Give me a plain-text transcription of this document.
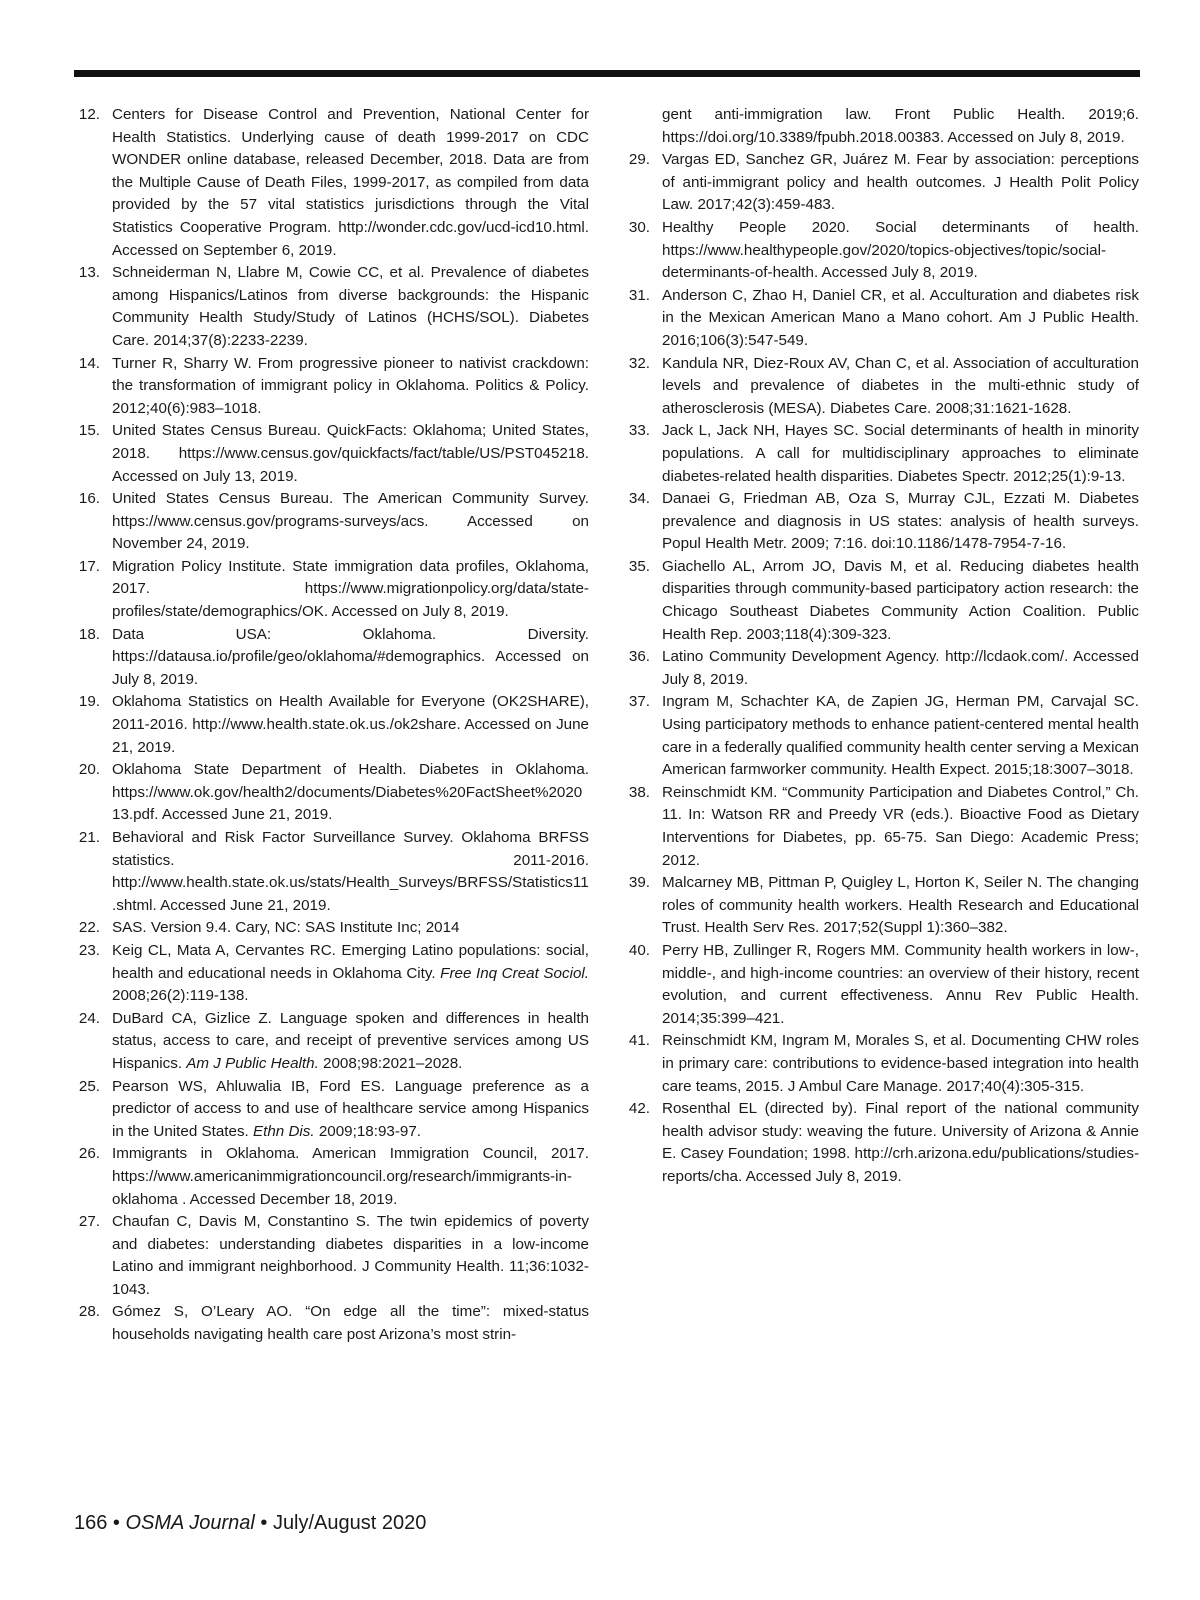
12. Centers for Disease Control and Prevention, National Center for Health Statistics. Underlying cause of death 1999-2017 on CDC WONDER online database, released December, 2018. Data are from the Multiple Cause of Death Files, 1999-2017, as compiled from data provided by the 57 vital statistics jurisdictions through the Vital Statistics Cooperative Program. http://wonder.cdc.gov/ucd-icd10.html. Accessed on September 6, 2019.
13. Schneiderman N, Llabre M, Cowie CC, et al. Prevalence of diabetes among Hispanics/Latinos from diverse backgrounds: the Hispanic Community Health Study/Study of Latinos (HCHS/SOL). Diabetes Care. 2014;37(8):2233-2239.
14. Turner R, Sharry W. From progressive pioneer to nativist crackdown: the transformation of immigrant policy in Oklahoma. Politics & Policy. 2012;40(6):983–1018.
15. United States Census Bureau. QuickFacts: Oklahoma; United States, 2018. https://www.census.gov/quickfacts/fact/table/US/PST045218. Accessed on July 13, 2019.
16. United States Census Bureau. The American Community Survey. https://www.census.gov/programs-surveys/acs. Accessed on November 24, 2019.
17. Migration Policy Institute. State immigration data profiles, Oklahoma, 2017. https://www.migrationpolicy.org/data/state-profiles/state/demographics/OK. Accessed on July 8, 2019.
18. Data USA: Oklahoma. Diversity. https://datausa.io/profile/geo/oklahoma/#demographics. Accessed on July 8, 2019.
19. Oklahoma Statistics on Health Available for Everyone (OK2SHARE), 2011-2016. http://www.health.state.ok.us./ok2share. Accessed on June 21, 2019.
20. Oklahoma State Department of Health. Diabetes in Oklahoma. https://www.ok.gov/health2/documents/Diabetes%20FactSheet%202013.pdf. Accessed June 21, 2019.
21. Behavioral and Risk Factor Surveillance Survey. Oklahoma BRFSS statistics. 2011-2016. http://www.health.state.ok.us/stats/Health_Surveys/BRFSS/Statistics11.shtml. Accessed June 21, 2019.
22. SAS. Version 9.4. Cary, NC: SAS Institute Inc; 2014
23. Keig CL, Mata A, Cervantes RC. Emerging Latino populations: social, health and educational needs in Oklahoma City. Free Inq Creat Sociol. 2008;26(2):119-138.
24. DuBard CA, Gizlice Z. Language spoken and differences in health status, access to care, and receipt of preventive services among US Hispanics. Am J Public Health. 2008;98:2021–2028.
25. Pearson WS, Ahluwalia IB, Ford ES. Language preference as a predictor of access to and use of healthcare service among Hispanics in the United States. Ethn Dis. 2009;18:93-97.
26. Immigrants in Oklahoma. American Immigration Council, 2017. https://www.americanimmigrationcouncil.org/research/immigrants-in-oklahoma . Accessed December 18, 2019.
27. Chaufan C, Davis M, Constantino S. The twin epidemics of poverty and diabetes: understanding diabetes disparities in a low-income Latino and immigrant neighborhood. J Community Health. 11;36:1032-1043.
28. Gómez S, O’Leary AO. “On edge all the time”: mixed-status households navigating health care post Arizona’s most strin-
gent anti-immigration law. Front Public Health. 2019;6. https://doi.org/10.3389/fpubh.2018.00383. Accessed on July 8, 2019.
29. Vargas ED, Sanchez GR, Juárez M. Fear by association: perceptions of anti-immigrant policy and health outcomes. J Health Polit Policy Law. 2017;42(3):459-483.
30. Healthy People 2020. Social determinants of health. https://www.healthypeople.gov/2020/topics-objectives/topic/social-determinants-of-health. Accessed July 8, 2019.
31. Anderson C, Zhao H, Daniel CR, et al. Acculturation and diabetes risk in the Mexican American Mano a Mano cohort. Am J Public Health. 2016;106(3):547-549.
32. Kandula NR, Diez-Roux AV, Chan C, et al. Association of acculturation levels and prevalence of diabetes in the multi-ethnic study of atherosclerosis (MESA). Diabetes Care. 2008;31:1621-1628.
33. Jack L, Jack NH, Hayes SC. Social determinants of health in minority populations. A call for multidisciplinary approaches to eliminate diabetes-related health disparities. Diabetes Spectr. 2012;25(1):9-13.
34. Danaei G, Friedman AB, Oza S, Murray CJL, Ezzati M. Diabetes prevalence and diagnosis in US states: analysis of health surveys. Popul Health Metr. 2009; 7:16. doi:10.1186/1478-7954-7-16.
35. Giachello AL, Arrom JO, Davis M, et al. Reducing diabetes health disparities through community-based participatory action research: the Chicago Southeast Diabetes Community Action Coalition. Public Health Rep. 2003;118(4):309-323.
36. Latino Community Development Agency. http://lcdaok.com/. Accessed July 8, 2019.
37. Ingram M, Schachter KA, de Zapien JG, Herman PM, Carvajal SC. Using participatory methods to enhance patient-centered mental health care in a federally qualified community health center serving a Mexican American farmworker community. Health Expect. 2015;18:3007–3018.
38. Reinschmidt KM. “Community Participation and Diabetes Control,” Ch. 11. In: Watson RR and Preedy VR (eds.). Bioactive Food as Dietary Interventions for Diabetes, pp. 65-75. San Diego: Academic Press; 2012.
39. Malcarney MB, Pittman P, Quigley L, Horton K, Seiler N. The changing roles of community health workers. Health Research and Educational Trust. Health Serv Res. 2017;52(Suppl 1):360–382.
40. Perry HB, Zullinger R, Rogers MM. Community health workers in low-, middle-, and high-income countries: an overview of their history, recent evolution, and current effectiveness. Annu Rev Public Health. 2014;35:399–421.
41. Reinschmidt KM, Ingram M, Morales S, et al. Documenting CHW roles in primary care: contributions to evidence-based integration into health care teams, 2015. J Ambul Care Manage. 2017;40(4):305-315.
42. Rosenthal EL (directed by). Final report of the national community health advisor study: weaving the future. University of Arizona & Annie E. Casey Foundation; 1998. http://crh.arizona.edu/publications/studies-reports/cha. Accessed July 8, 2019.
166 • OSMA Journal • July/August 2020
